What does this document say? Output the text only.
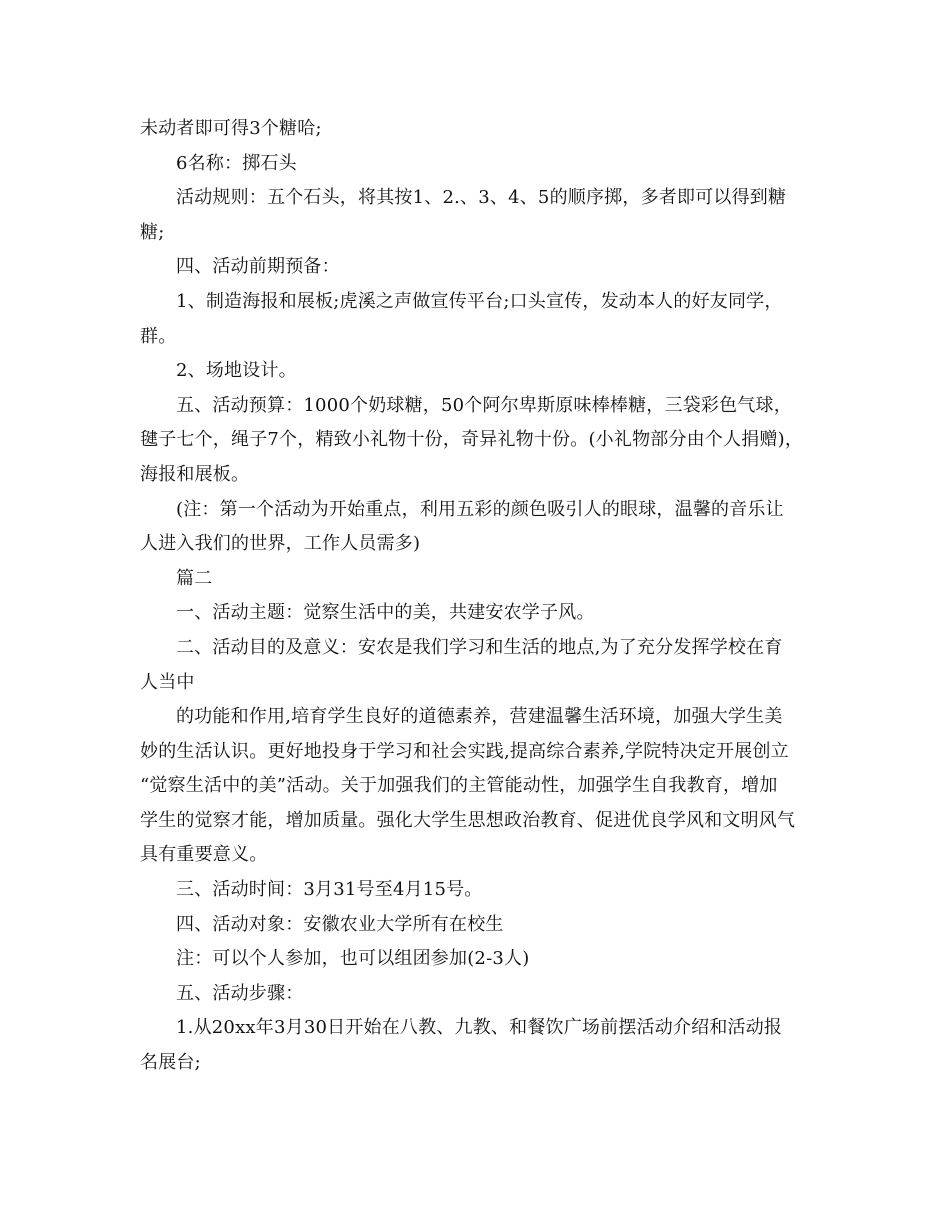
未动者即可得3个糖哈;
6名称：掷石头
活动规则：五个石头，将其按1、2.、3、4、5的顺序掷，多者即可以得到糖
糖;
四、活动前期预备：
1、制造海报和展板;虎溪之声做宣传平台;口头宣传，发动本人的好友同学，
群。
2、场地设计。
五、活动预算：1000个奶球糖，50个阿尔卑斯原味棒棒糖，三袋彩色气球，
毽子七个，绳子7个，精致小礼物十份，奇异礼物十份。(小礼物部分由个人捐赠)，
海报和展板。
(注：第一个活动为开始重点，利用五彩的颜色吸引人的眼球，温馨的音乐让
人进入我们的世界，工作人员需多)
篇二
一、活动主题：觉察生活中的美，共建安农学子风。
二、活动目的及意义：安农是我们学习和生活的地点,为了充分发挥学校在育
人当中
的功能和作用,培育学生良好的道德素养，营建温馨生活环境，加强大学生美
妙的生活认识。更好地投身于学习和社会实践,提高综合素养,学院特决定开展创立
“觉察生活中的美”活动。关于加强我们的主管能动性，加强学生自我教育，增加
学生的觉察才能，增加质量。强化大学生思想政治教育、促进优良学风和文明风气
具有重要意义。
三、活动时间：3月31号至4月15号。
四、活动对象：安徽农业大学所有在校生
注：可以个人参加，也可以组团参加(2-3人)
五、活动步骤：
1.从20xx年3月30日开始在八教、九教、和餐饮广场前摆活动介绍和活动报
名展台;
